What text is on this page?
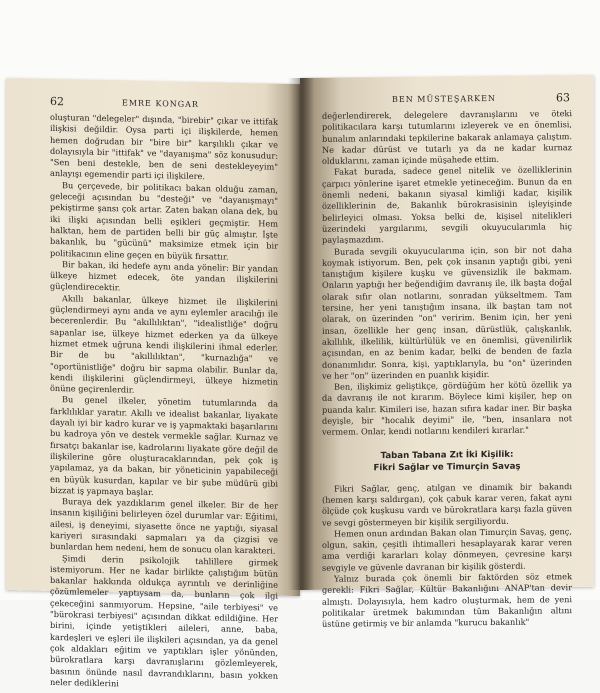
62	EMRE KONGAR

oluşturan "delegeler" dışında, "birebir" çıkar ve ittifak ilişkisi değildir. Oysa parti içi ilişkilerde, hemen hemen doğrudan bir "bire bir" karşılıklı çıkar ve dolayısıyla bir "ittifak" ve "dayanışma" söz konusudur: "Sen beni destekle, ben de seni destekleyeyim" anlayışı egemendir parti içi ilişkilere.

Bu çerçevede, bir politikacı bakan olduğu zaman, geleceği açısından bu "desteği" ve "dayanışmayı" pekiştirme şansı çok artar. Zaten bakan olana dek, bu iki ilişki açısından belli eşikleri geçmiştir. Hem halktan, hem de partiden belli bir güç almıştır. İşte bakanlık, bu "gücünü" maksimize etmek için bir politikacının eline geçen en büyük fırsattır.

Bir bakan, iki hedefe aynı anda yönelir: Bir yandan ülkeye hizmet edecek, öte yandan ilişkilerini güçlendirecektir.

Akıllı bakanlar, ülkeye hizmet ile ilişkilerini güçlendirmeyi aynı anda ve aynı eylemler aracılığı ile becerenlerdir. Bu "akıllılıktan", "idealistliğe" doğru sapanlar ise, ülkeye hizmet ederken ya da ülkeye hizmet etmek uğruna kendi ilişkilerini ihmal ederler. Bir de bu "akıllılıktan", "kurnazlığa" ve "oportünistliğe" doğru bir sapma olabilir. Bunlar da, kendi ilişkilerini güçlendirmeyi, ülkeye hizmetin önüne geçirenlerdir.

Bu genel ilkeler, yönetim tutumlarında da farklılıklar yaratır. Akıllı ve idealist bakanlar, liyakate dayalı iyi bir kadro kurar ve iş yapmaktaki başarılarını bu kadroya yön ve destek vermekle sağlar. Kurnaz ve fırsatçı bakanlar ise, kadrolarını liyakate göre değil de ilişkilerine göre oluşturacaklarından, pek çok iş yapılamaz, ya da bakan, bir yöneticinin yapabileceği en büyük kusurdan, kapılar ve bir şube müdürü gibi bizzat iş yapmaya başlar.

Buraya dek yazdıklarım genel ilkeler. Bir de her insanın kişiliğini belirleyen özel durumlar var: Eğitimi, ailesi, iş deneyimi, siyasette önce ne yaptığı, siyasal kariyeri sırasındaki sapmaları ya da çizgisi ve bunlardan hem nedeni, hem de sonucu olan karakteri.

Şimdi derin psikolojik tahlillere girmek istemiyorum. Her ne kadar birlikte çalıştığım bütün bakanlar hakkında oldukça ayrıntılı ve derinliğine çözümlemeler yaptıysam da, bunların çok ilgi çekeceğini sanmıyorum. Hepsine, "aile terbiyesi" ve "bürokrasi terbiyesi" açısından dikkat edildiğine. Her birini, içinde yetiştikleri aileleri, anne, baba, kardeşleri ve eşleri ile ilişkileri açısından, ya da genel çok aldakları eğitim ve yaptıkları işler yönünden, bürokratlara karşı davranışlarını gözlemleyerek, basının önünde nasıl davrandıklarını, basın yokken neler dediklerini

BEN MÜSTEŞARKEN	63

değerlendirerek, delegelere davranışlarını ve öteki politikacılara karşı tutumlarını izleyerek ve en önemlisi, bunalım anlarındaki tepkilerine bakarak anlamaya çalıştım. Ne kadar dürüst ve tutarlı ya da ne kadar kurnaz olduklarını, zaman içinde müşahede ettim.

Fakat burada, sadece genel nitelik ve özelliklerinin çarpıcı yönlerine işaret etmekle yetineceğim. Bunun da en önemli nedeni, bakanın siyasal kimliği kadar, kişilik özelliklerinin de, Bakanlık bürokrasisinin işleyişinde belirleyici olması. Yoksa belki de, kişisel nitelikleri üzerindeki yargılarımı, sevgili okuyucularımla hiç paylaşmazdım.

Burada sevgili okuyucularıma için, son bir not daha koymak istiyorum. Ben, pek çok insanın yaptığı gibi, yeni tanıştığım kişilere kuşku ve güvensizlik ile bakmam. Onların yaptığı her beğendiğim davranış ile, ilk başta doğal olarak sıfır olan notlarını, sonradan yükseltmem. Tam tersine, her yeni tanıştığım insana, ilk baştan tam not olarak, on üzerinden "on" veririm. Benim için, her yeni insan, özellikle her genç insan, dürüstlük, çalışkanlık, akıllılık, ilkelilik, kültürlülük ve en önemlisi, güvenilirlik açısından, en az benim kadar, belki de benden de fazla donanımlıdır. Sonra, kişi, yaptıklarıyla, bu "on" üzerinden ve her "on" üzerinden en puanlık kişidir.

Ben, ilişkimiz geliştikçe, gördüğüm her kötü özellik ya da davranış ile not kırarım. Böylece kimi kişiler, hep on puanda kalır. Kimileri ise, hazan sıfıra kadar iner. Bir başka deyişle, bir "hocalık deyimi" ile, "ben, insanlara not vermem. Onlar, kendi notlarını kendileri kırarlar."

Taban Tabana Zıt İki Kişilik:
Fikri Sağlar ve Timurçin Savaş

Fikri Sağlar, genç, atılgan ve dinamik bir bakandı (hemen karşı saldırgan), çok çabuk karar veren, fakat aynı ölçüde çok kuşkusu vardı ve bürokratlara karşı fazla güven ve sevgi göstermeyen bir kişilik sergiliyordu.

Hemen onun ardından Bakan olan Timurçin Savaş, genç, olgun, sakin, çeşitli ihtimalleri hesaplayarak karar veren ama verdiği kararları kolay dönmeyen, çevresine karşı sevgiyle ve güvenle davranan bir kişilik gösterdi.

Yalnız burada çok önemli bir faktörden söz etmek gerekli: Fikri Sağlar, Kültür Bakanlığını ANAP'tan devir almıştı. Dolayısıyla, hem kadro oluşturmak, hem de yeni politikalar üretmek bakımından tüm Bakanlığın altını üstüne getirmiş ve bir anlamda "kurucu bakanlık"
